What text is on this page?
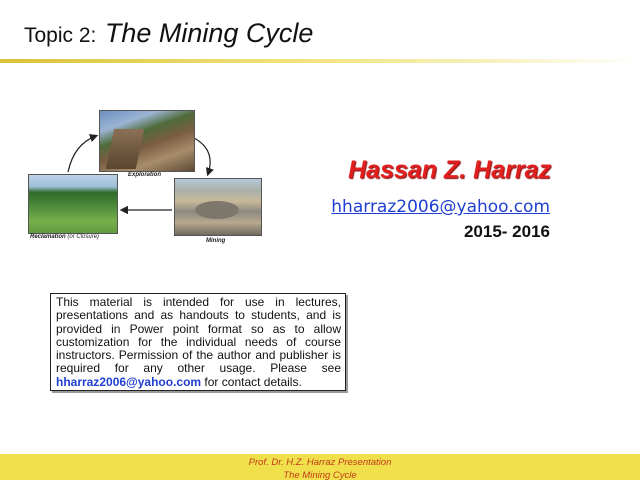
Topic 2: The Mining Cycle
Exploration
Reclamation (or Closure)
Mining
Hassan Z. Harraz
hharraz2006@yahoo.com
2015- 2016
This material is intended for use in lectures, presentations and as handouts to students, and is provided in Power point format so as to allow customization for the individual needs of course instructors. Permission of the author and publisher is required for any other usage. Please see hharraz2006@yahoo.com for contact details.
Prof. Dr. H.Z. Harraz Presentation
The Mining Cycle
